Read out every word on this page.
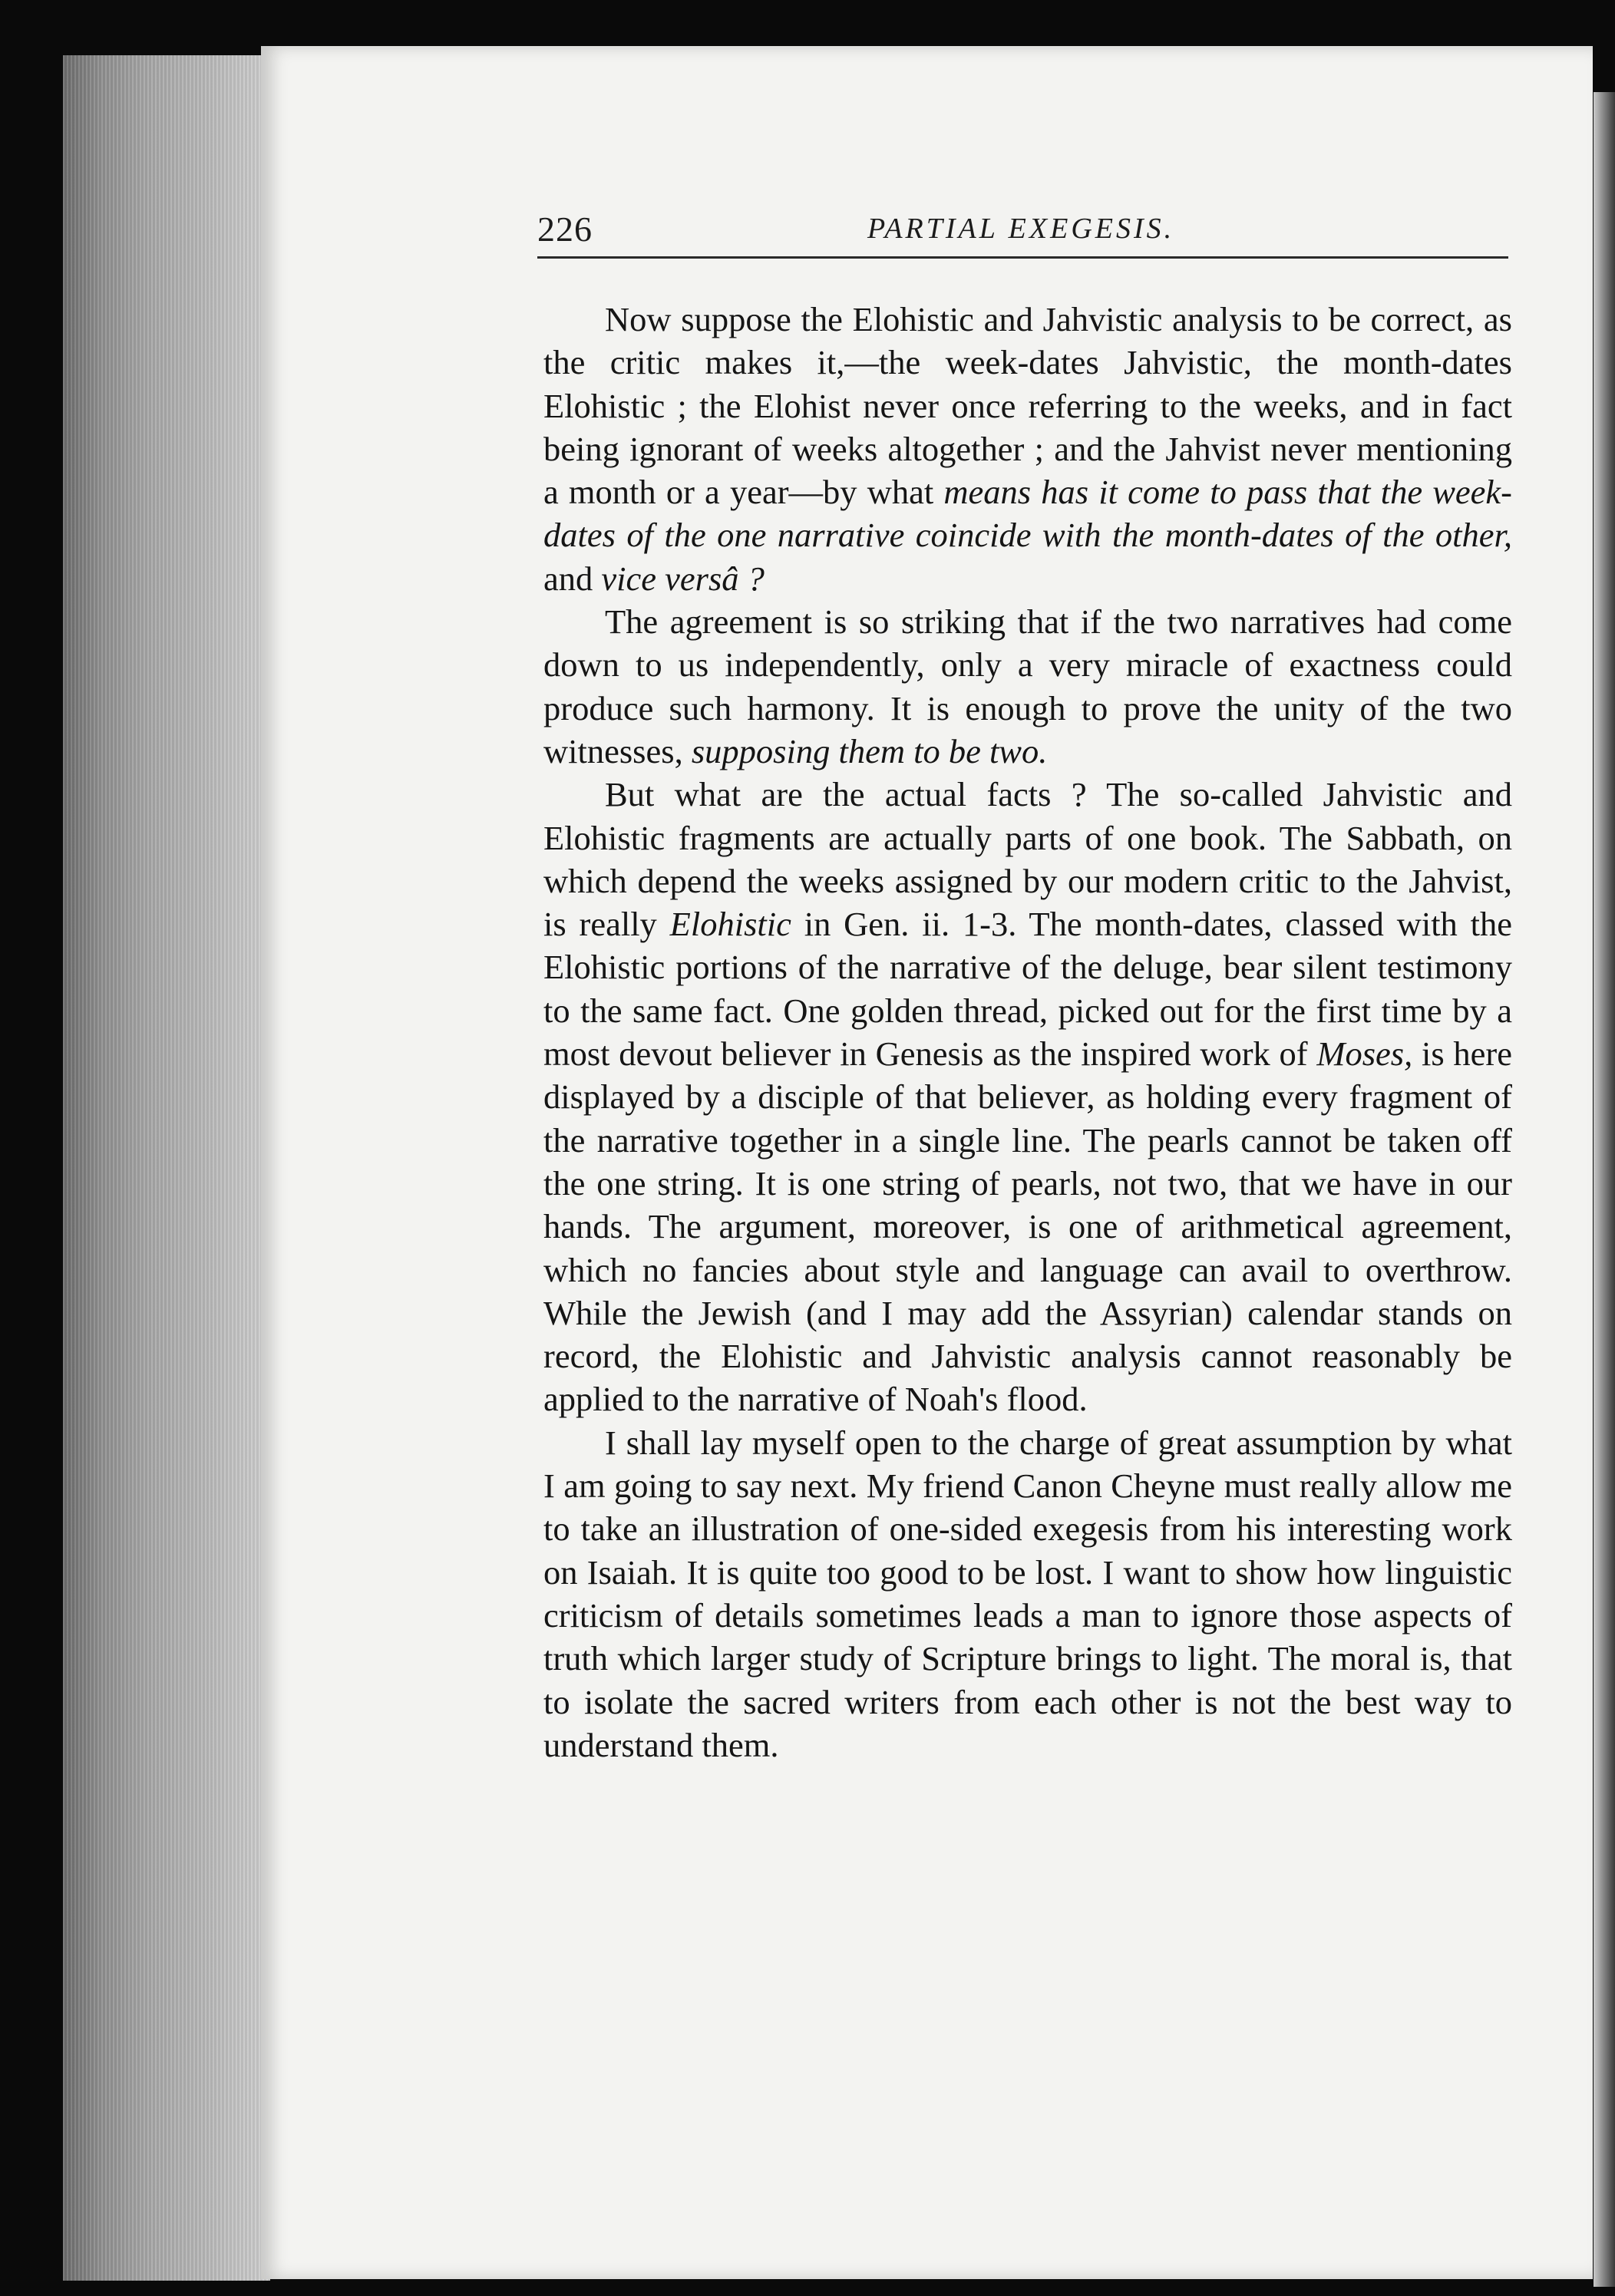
226	PARTIAL EXEGESIS.

Now suppose the Elohistic and Jahvistic analysis to be correct, as the critic makes it,—the week-dates Jahvistic, the month-dates Elohistic ; the Elohist never once referring to the weeks, and in fact being ignorant of weeks altogether ; and the Jahvist never mentioning a month or a year—by what means has it come to pass that the week-dates of the one narrative coincide with the month-dates of the other, and vice versâ ?

The agreement is so striking that if the two narratives had come down to us independently, only a very miracle of exactness could produce such harmony. It is enough to prove the unity of the two witnesses, supposing them to be two.

But what are the actual facts ? The so-called Jahvistic and Elohistic fragments are actually parts of one book. The Sabbath, on which depend the weeks assigned by our modern critic to the Jahvist, is really Elohistic in Gen. ii. 1-3. The month-dates, classed with the Elohistic portions of the narrative of the deluge, bear silent testimony to the same fact. One golden thread, picked out for the first time by a most devout believer in Genesis as the inspired work of Moses, is here displayed by a disciple of that believer, as holding every fragment of the narrative together in a single line. The pearls cannot be taken off the one string. It is one string of pearls, not two, that we have in our hands. The argument, moreover, is one of arithmetical agreement, which no fancies about style and language can avail to overthrow. While the Jewish (and I may add the Assyrian) calendar stands on record, the Elohistic and Jahvistic analysis cannot reasonably be applied to the narrative of Noah's flood.

I shall lay myself open to the charge of great assumption by what I am going to say next. My friend Canon Cheyne must really allow me to take an illustration of one-sided exegesis from his interesting work on Isaiah. It is quite too good to be lost. I want to show how linguistic criticism of details sometimes leads a man to ignore those aspects of truth which larger study of Scripture brings to light. The moral is, that to isolate the sacred writers from each other is not the best way to understand them.
